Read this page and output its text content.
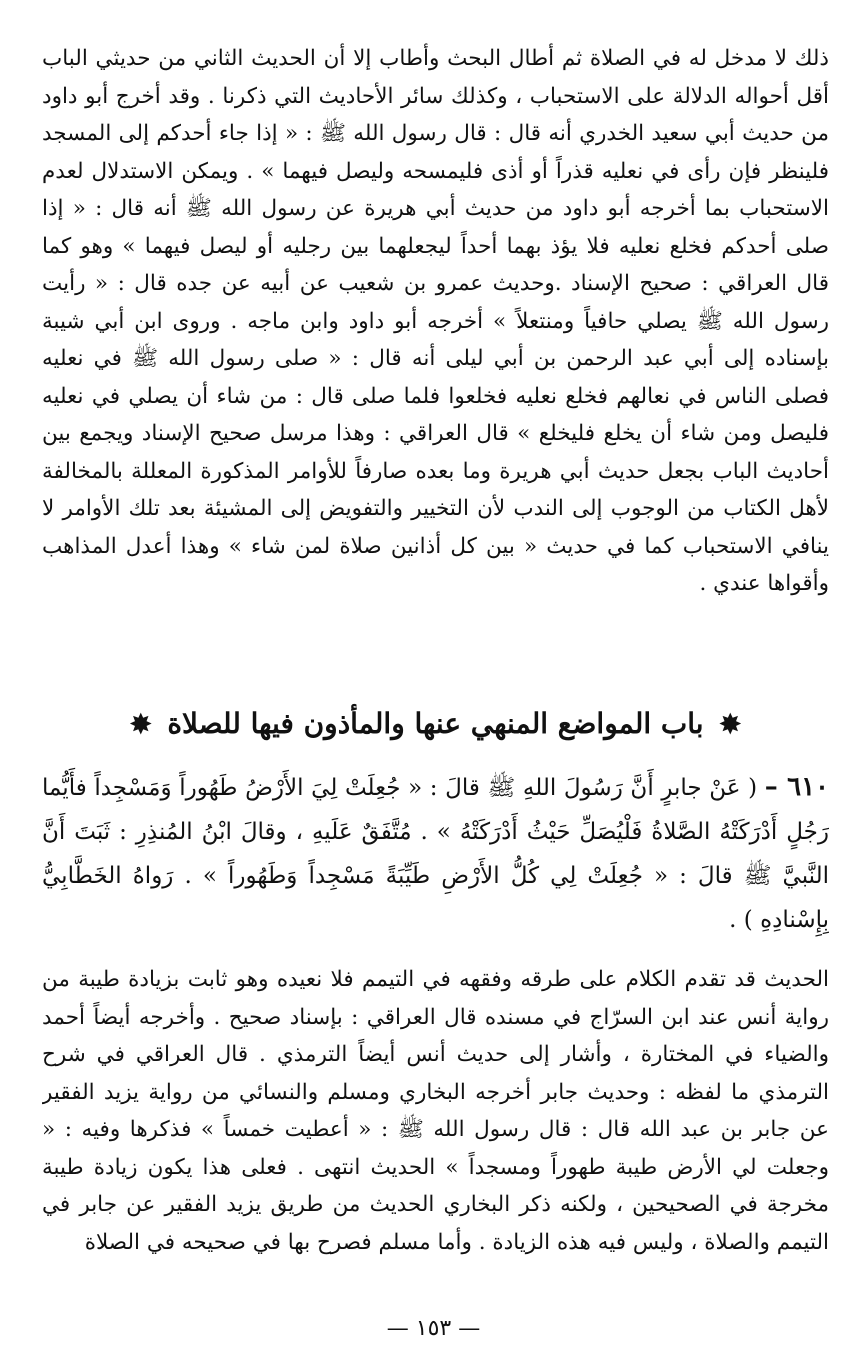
ذلك لا مدخل له في الصلاة ثم أطال البحث وأطاب إلا أن الحديث الثاني من حديثي الباب أقل أحواله الدلالة على الاستحباب ، وكذلك سائر الأحاديث التي ذكرنا . وقد أخرج أبو داود من حديث أبي سعيد الخدري أنه قال : قال رسول الله ﷺ : « إذا جاء أحدكم إلى المسجد فلينظر فإن رأى في نعليه قذراً أو أذى فليمسحه وليصل فيهما » . ويمكن الاستدلال لعدم الاستحباب بما أخرجه أبو داود من حديث أبي هريرة عن رسول الله ﷺ أنه قال : « إذا صلى أحدكم فخلع نعليه فلا يؤذ بهما أحداً ليجعلهما بين رجليه أو ليصل فيهما » وهو كما قال العراقي : صحيح الإسناد .وحديث عمرو بن شعيب عن أبيه عن جده قال : « رأيت رسول الله ﷺ يصلي حافياً ومنتعلاً » أخرجه أبو داود وابن ماجه . وروى ابن أبي شيبة بإسناده إلى أبي عبد الرحمن بن أبي ليلى أنه قال : « صلى رسول الله ﷺ في نعليه فصلى الناس في نعالهم فخلع نعليه فخلعوا فلما صلى قال : من شاء أن يصلي في نعليه فليصل ومن شاء أن يخلع فليخلع » قال العراقي : وهذا مرسل صحيح الإسناد ويجمع بين أحاديث الباب بجعل حديث أبي هريرة وما بعده صارفاً للأوامر المذكورة المعللة بالمخالفة لأهل الكتاب من الوجوب إلى الندب لأن التخيير والتفويض إلى المشيئة بعد تلك الأوامر لا ينافي الاستحباب كما في حديث « بين كل أذانين صلاة لمن شاء » وهذا أعدل المذاهب وأقواها عندي .

✸ باب المواضع المنهي عنها والمأذون فيها للصلاة ✸

٦١٠ – ( عَنْ جابرٍ أَنَّ رَسُولَ اللهِ ﷺ قالَ : « جُعِلَتْ لِيَ الأَرْضُ طَهُوراً وَمَسْجِداً فأَيُّما رَجُلٍ أَدْرَكَتْهُ الصَّلاةُ فَلْيُصَلِّ حَيْثُ أَدْرَكَتْهُ » . مُتَّفَقٌ عَلَيهِ ، وقالَ ابْنُ المُنذِرِ : ثَبَتَ أَنَّ النَّبيَّ ﷺ قالَ : « جُعِلَتْ لِي كُلُّ الأَرْضِ طَيِّبَةً مَسْجِداً وَطَهُوراً » . رَواهُ الخَطَّابِيُّ بِإِسْنادِهِ ) .

الحديث قد تقدم الكلام على طرقه وفقهه في التيمم فلا نعيده وهو ثابت بزيادة طيبة من رواية أنس عند ابن السرّاج في مسنده قال العراقي : بإسناد صحيح . وأخرجه أيضاً أحمد والضياء في المختارة ، وأشار إلى حديث أنس أيضاً الترمذي . قال العراقي في شرح الترمذي ما لفظه : وحديث جابر أخرجه البخاري ومسلم والنسائي من رواية يزيد الفقير عن جابر بن عبد الله قال : قال رسول الله ﷺ : « أعطيت خمساً » فذكرها وفيه : « وجعلت لي الأرض طيبة طهوراً ومسجداً » الحديث انتهى . فعلى هذا يكون زيادة طيبة مخرجة في الصحيحين ، ولكنه ذكر البخاري الحديث من طريق يزيد الفقير عن جابر في التيمم والصلاة ، وليس فيه هذه الزيادة . وأما مسلم فصرح بها في صحيحه في الصلاة

— ١٥٣ —
